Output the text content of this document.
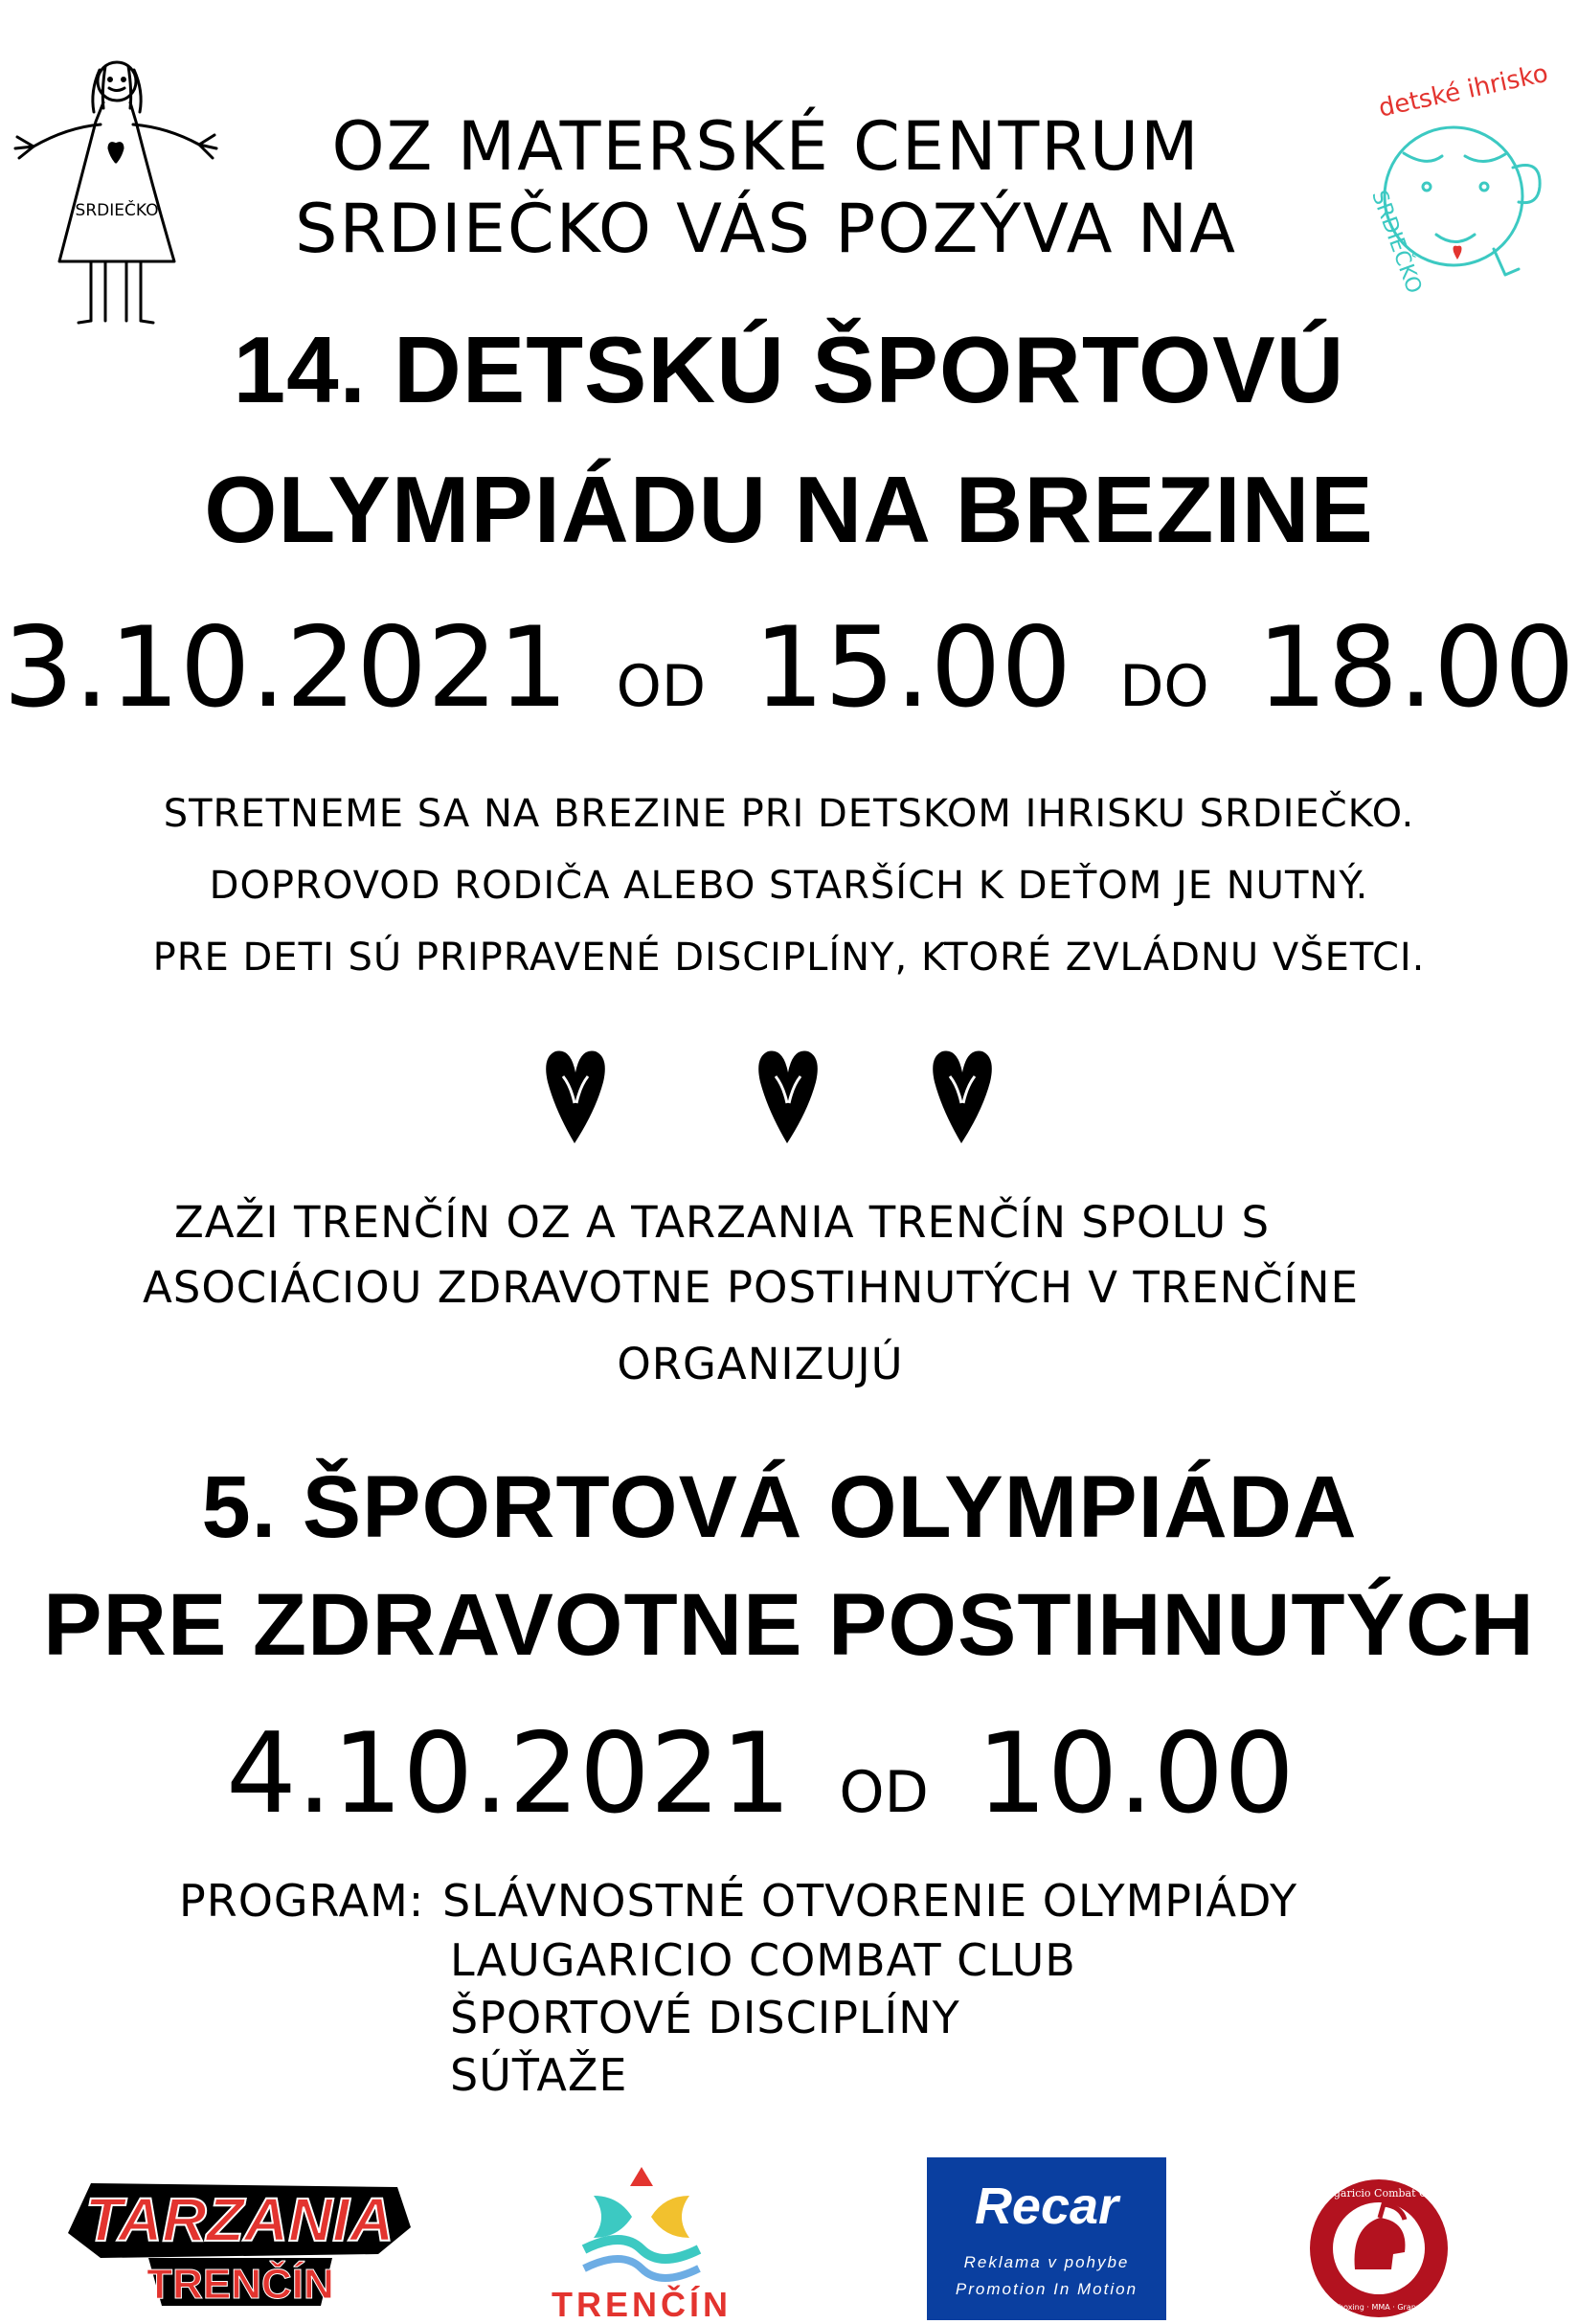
SRDIEČKO
detské ihrisko
SRDIEČKO
OZ MATERSKÉ CENTRUM
SRDIEČKO VÁS POZÝVA NA
14. DETSKÚ ŠPORTOVÚ
OLYMPIÁDU NA BREZINE
3.10.2021 OD 15.00 DO 18.00
STRETNEME SA NA BREZINE PRI DETSKOM IHRISKU SRDIEČKO.
DOPROVOD RODIČA ALEBO STARŠÍCH K DEŤOM JE NUTNÝ.
PRE DETI SÚ PRIPRAVENÉ DISCIPLÍNY, KTORÉ ZVLÁDNU VŠETCI.
ZAŽI TRENČÍN OZ A TARZANIA TRENČÍN SPOLU S
ASOCIÁCIOU ZDRAVOTNE POSTIHNUTÝCH V TRENČÍNE
ORGANIZUJÚ
5. ŠPORTOVÁ OLYMPIÁDA
PRE ZDRAVOTNE POSTIHNUTÝCH
4.10.2021 OD 10.00
PROGRAM: SLÁVNOSTNÉ OTVORENIE OLYMPIÁDY
LAUGARICIO COMBAT CLUB
ŠPORTOVÉ DISCIPLÍNY
SÚŤAŽE
TARZANIA
TRENČÍN	TRENČÍN
Recar
Reklama v pohybe
Promotion In Motion
Laugaricio Combat Club
Kickboxing · MMA · Grappling
